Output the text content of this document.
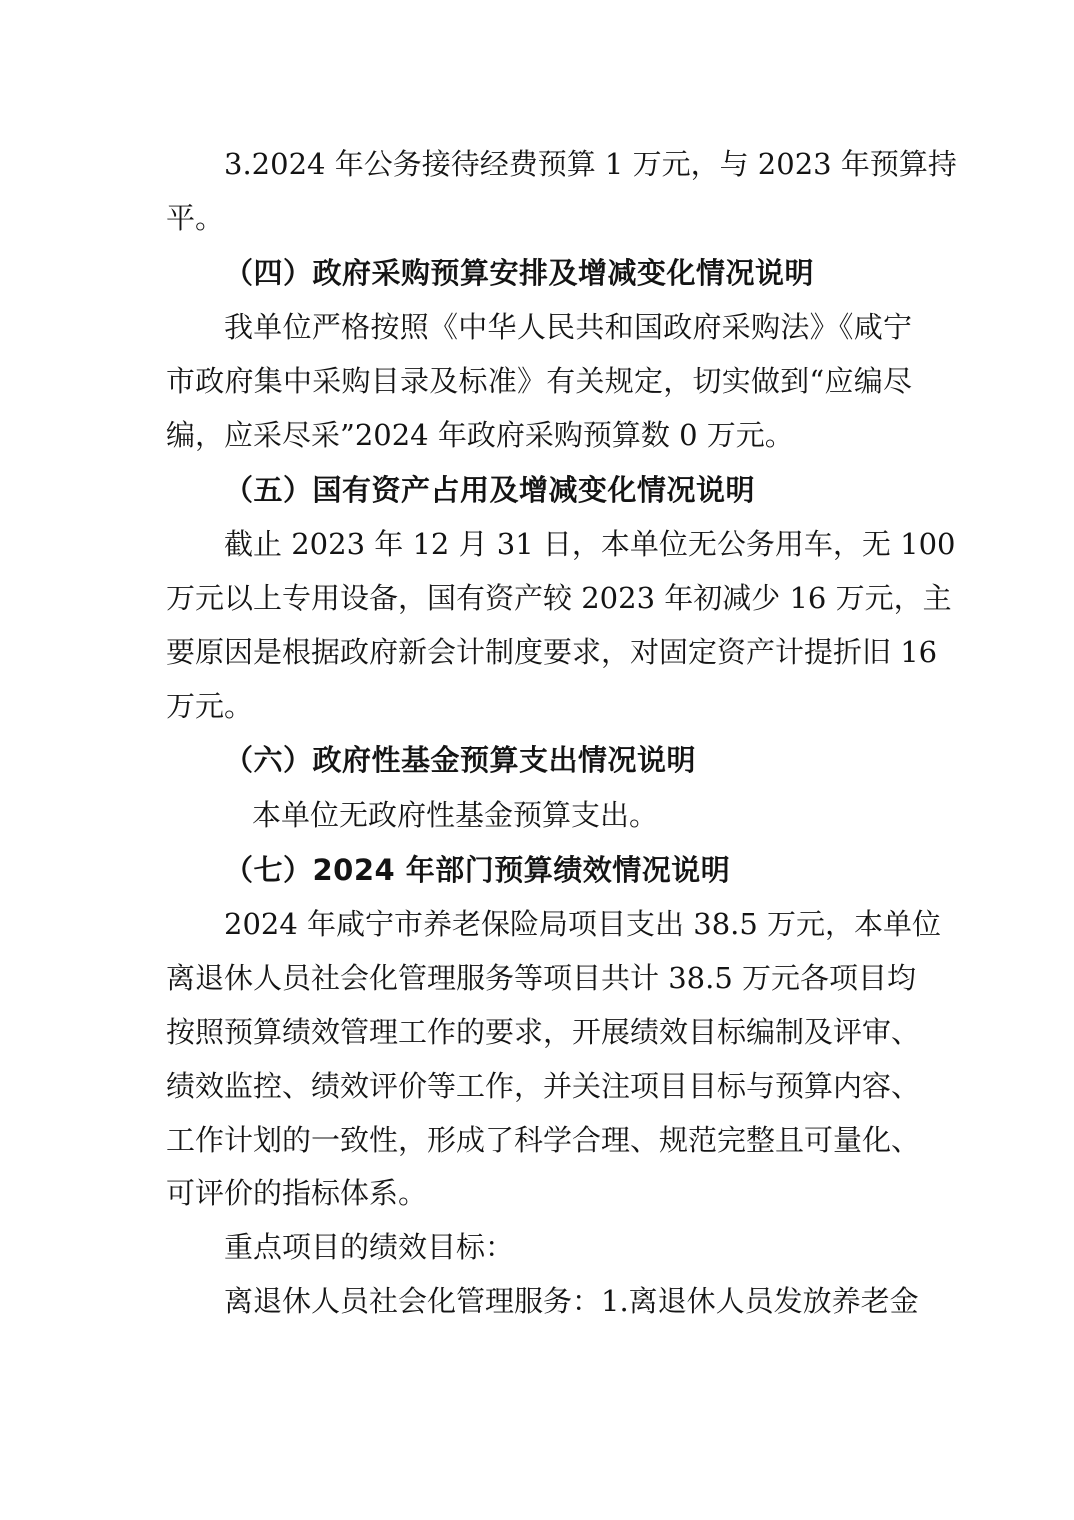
3.2024 年公务接待经费预算 1 万元，与 2023 年预算持
平。
（四）政府采购预算安排及增减变化情况说明
我单位严格按照《中华人民共和国政府采购法》《咸宁
市政府集中采购目录及标准》有关规定，切实做到“应编尽
编，应采尽采”2024 年政府采购预算数 0 万元。
（五）国有资产占用及增减变化情况说明
截止 2023 年 12 月 31 日，本单位无公务用车，无 100
万元以上专用设备，国有资产较 2023 年初减少 16 万元，主
要原因是根据政府新会计制度要求，对固定资产计提折旧 16
万元。
（六）政府性基金预算支出情况说明
本单位无政府性基金预算支出。
（七）2024 年部门预算绩效情况说明
2024 年咸宁市养老保险局项目支出 38.5 万元，本单位
离退休人员社会化管理服务等项目共计 38.5 万元各项目均
按照预算绩效管理工作的要求，开展绩效目标编制及评审、
绩效监控、绩效评价等工作，并关注项目目标与预算内容、
工作计划的一致性，形成了科学合理、规范完整且可量化、
可评价的指标体系。
重点项目的绩效目标：
离退休人员社会化管理服务：1.离退休人员发放养老金
